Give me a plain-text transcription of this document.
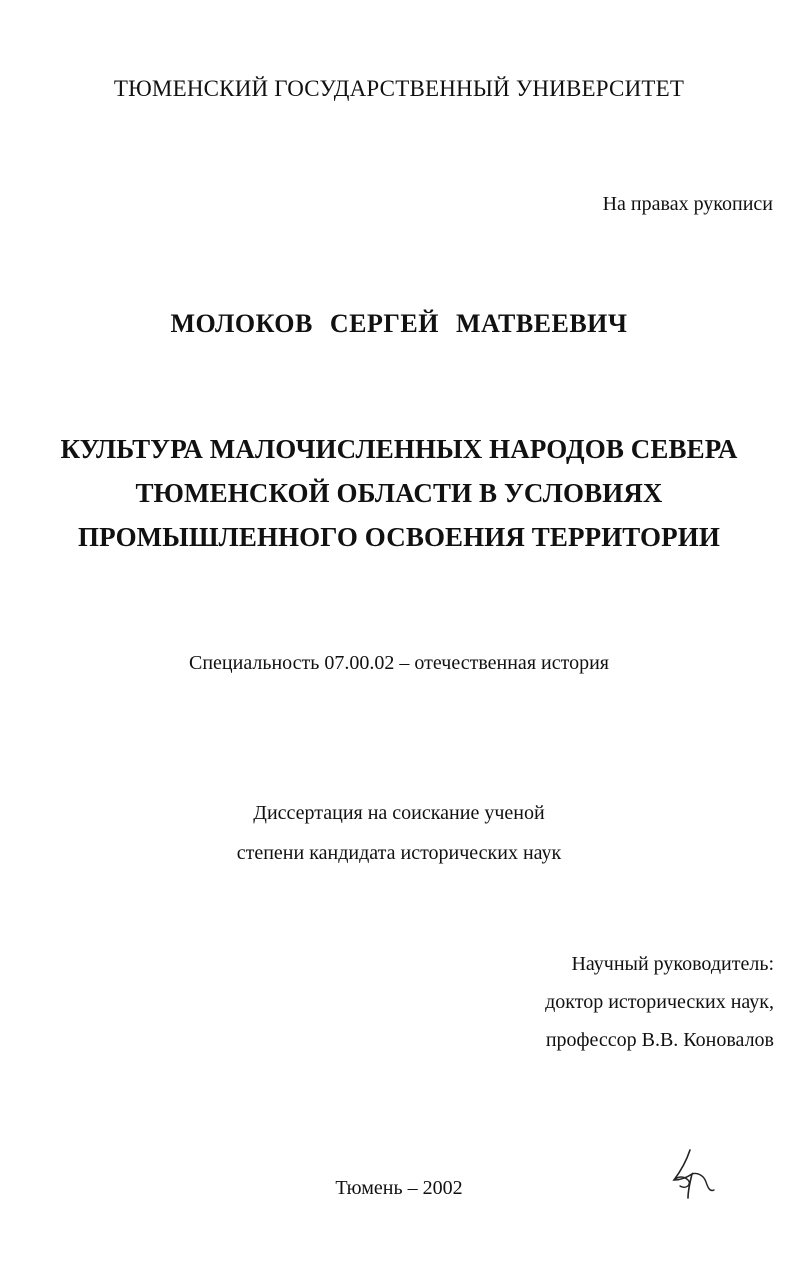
ТЮМЕНСКИЙ ГОСУДАРСТВЕННЫЙ УНИВЕРСИТЕТ
На правах рукописи
МОЛОКОВ СЕРГЕЙ МАТВЕЕВИЧ
КУЛЬТУРА МАЛОЧИСЛЕННЫХ НАРОДОВ СЕВЕРА
ТЮМЕНСКОЙ ОБЛАСТИ В УСЛОВИЯХ
ПРОМЫШЛЕННОГО ОСВОЕНИЯ ТЕРРИТОРИИ
Специальность 07.00.02 – отечественная история
Диссертация на соискание ученой
степени кандидата исторических наук
Научный руководитель:
доктор исторических наук,
профессор В.В. Коновалов
Тюмень – 2002
